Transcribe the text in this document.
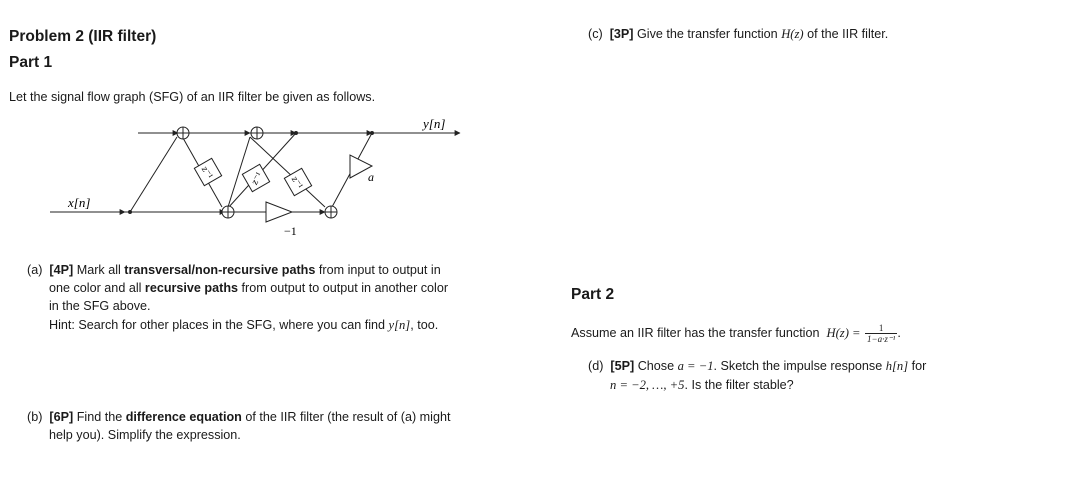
Problem 2 (IIR filter)
Part 1
Let the signal flow graph (SFG) of an IIR filter be given as follows.
z⁻¹	z⁻¹ z⁻¹
−1
a
x[n]
y[n]
(a) [4P] Mark all transversal/non-recursive paths from input to output in
one color and all recursive paths from output to output in another color
in the SFG above.
Hint: Search for other places in the SFG, where you can find y[n], too.
(b) [6P] Find the difference equation of the IIR filter (the result of (a) might
help you). Simplify the expression.
(c) [3P] Give the transfer function H(z) of the IIR filter.
Part 2
Assume an IIR filter has the transfer function $H(z) = \frac{1}{\text{1−a·z⁻¹}}$ .
(d) [5P] Chose a = −1. Sketch the impulse response h[n] for
n = −2, …, +5. Is the filter stable?
